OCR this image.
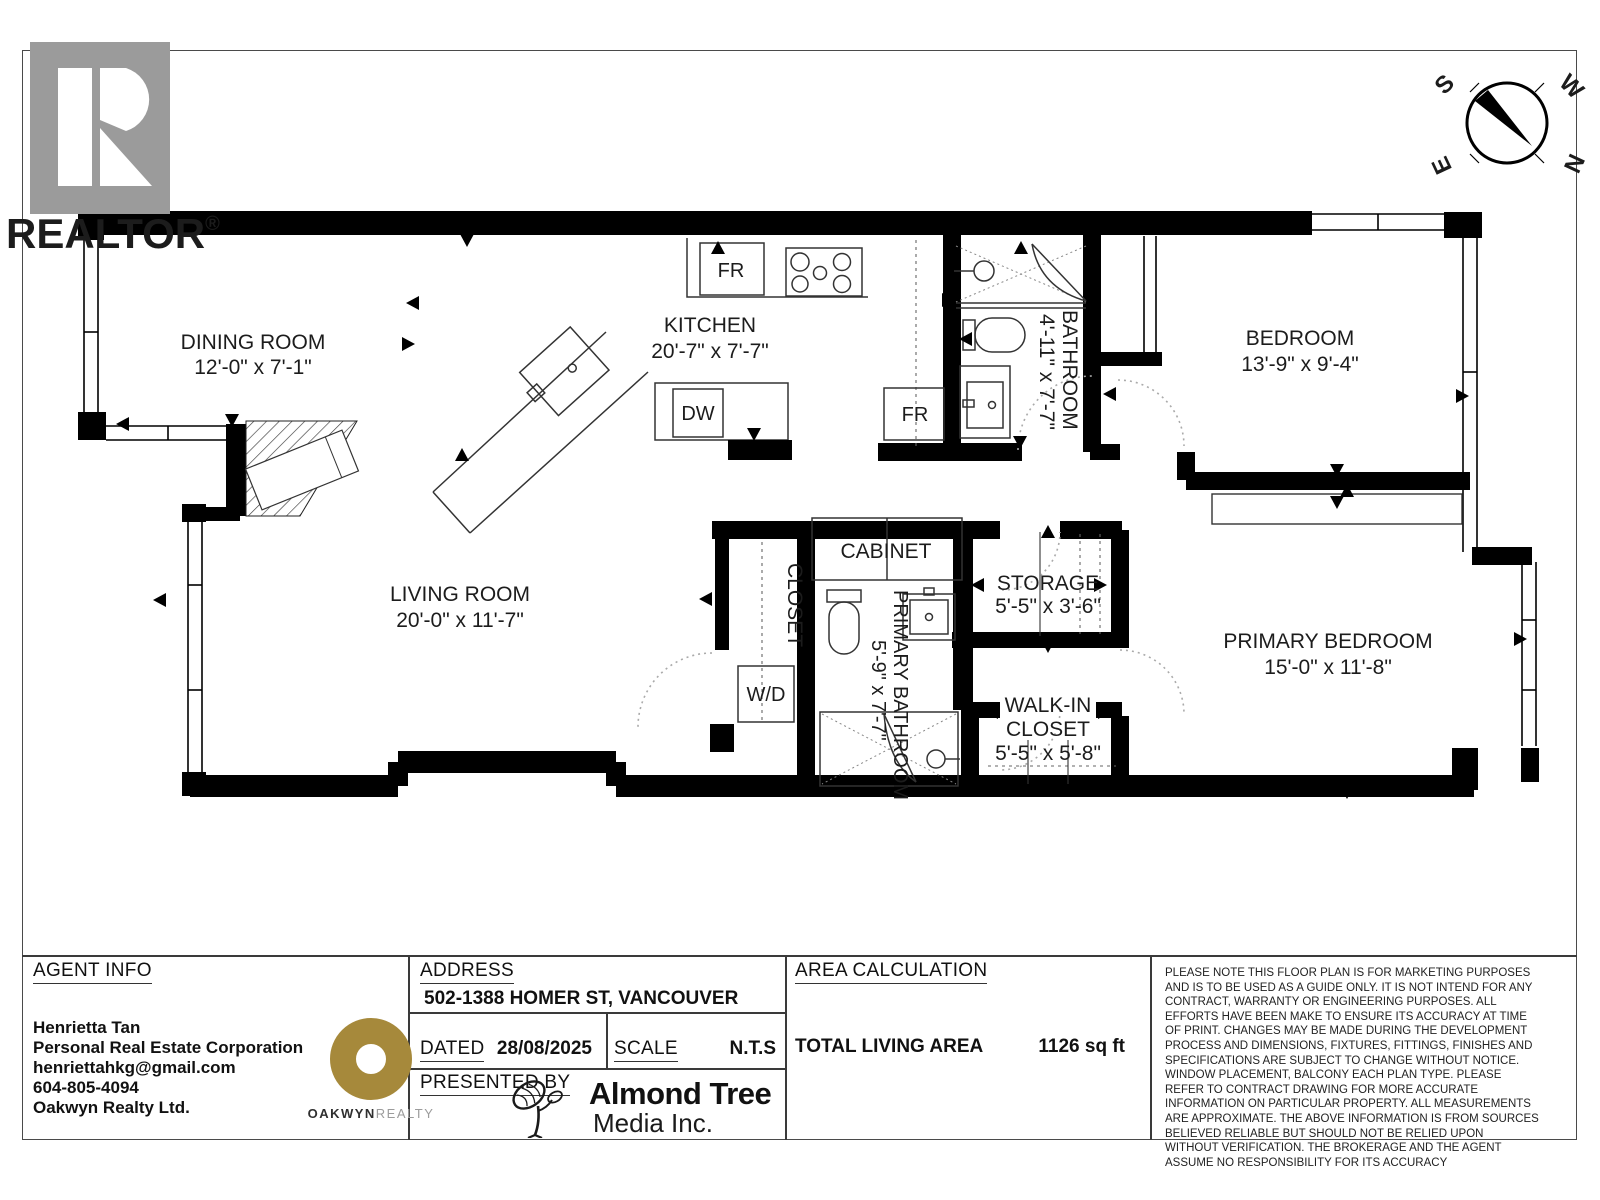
DINING ROOM
12'-0" x 7'-1"
KITCHEN
20'-7" x 7'-7"
LIVING ROOM
20'-0" x 11'-7"
BEDROOM
13'-9" x 9'-4"
PRIMARY BEDROOM
15'-0" x 11'-8"
STORAGE
5'-5" x 3'-6"
WALK-IN
CLOSET
5'-5" x 5'-8"
CABINET
CLOSET
BATHROOM 4'-11" x 7'-7"
PRIMARY BATHROOM 5'-9" x 7'-7"
FR
FR
DW
W/D
REALTOR®
S	W
E	N
AGENT INFO
Henrietta Tan
Personal Real Estate Corporation
henriettahkg@gmail.com
604-805-4094
Oakwyn Realty Ltd.	OAKWYNREALTY
ADDRESS
502-1388 HOMER ST, VANCOUVER
DATED 28/08/2025 SCALE	N.T.S
PRESENTED BY Almond Tree
Media Inc.
AREA CALCULATION
TOTAL LIVING AREA	1126 sq ft
PLEASE NOTE THIS FLOOR PLAN IS FOR MARKETING PURPOSES AND IS TO BE USED AS A GUIDE ONLY. IT IS NOT INTEND FOR ANY CONTRACT, WARRANTY OR ENGINEERING PURPOSES. ALL EFFORTS HAVE BEEN MAKE TO ENSURE ITS ACCURACY AT TIME OF PRINT. CHANGES MAY BE MADE DURING THE DEVELOPMENT PROCESS AND DIMENSIONS, FIXTURES, FITTINGS, FINISHES AND SPECIFICATIONS ARE SUBJECT TO CHANGE WITHOUT NOTICE. WINDOW PLACEMENT, BALCONY EACH PLAN TYPE. PLEASE REFER TO CONTRACT DRAWING FOR MORE ACCURATE INFORMATION ON PARTICULAR PROPERTY. ALL MEASUREMENTS ARE APPROXIMATE. THE ABOVE INFORMATION IS FROM SOURCES BELIEVED RELIABLE BUT SHOULD NOT BE RELIED UPON WITHOUT VERIFICATION. THE BROKERAGE AND THE AGENT ASSUME NO RESPONSIBILITY FOR ITS ACCURACY
